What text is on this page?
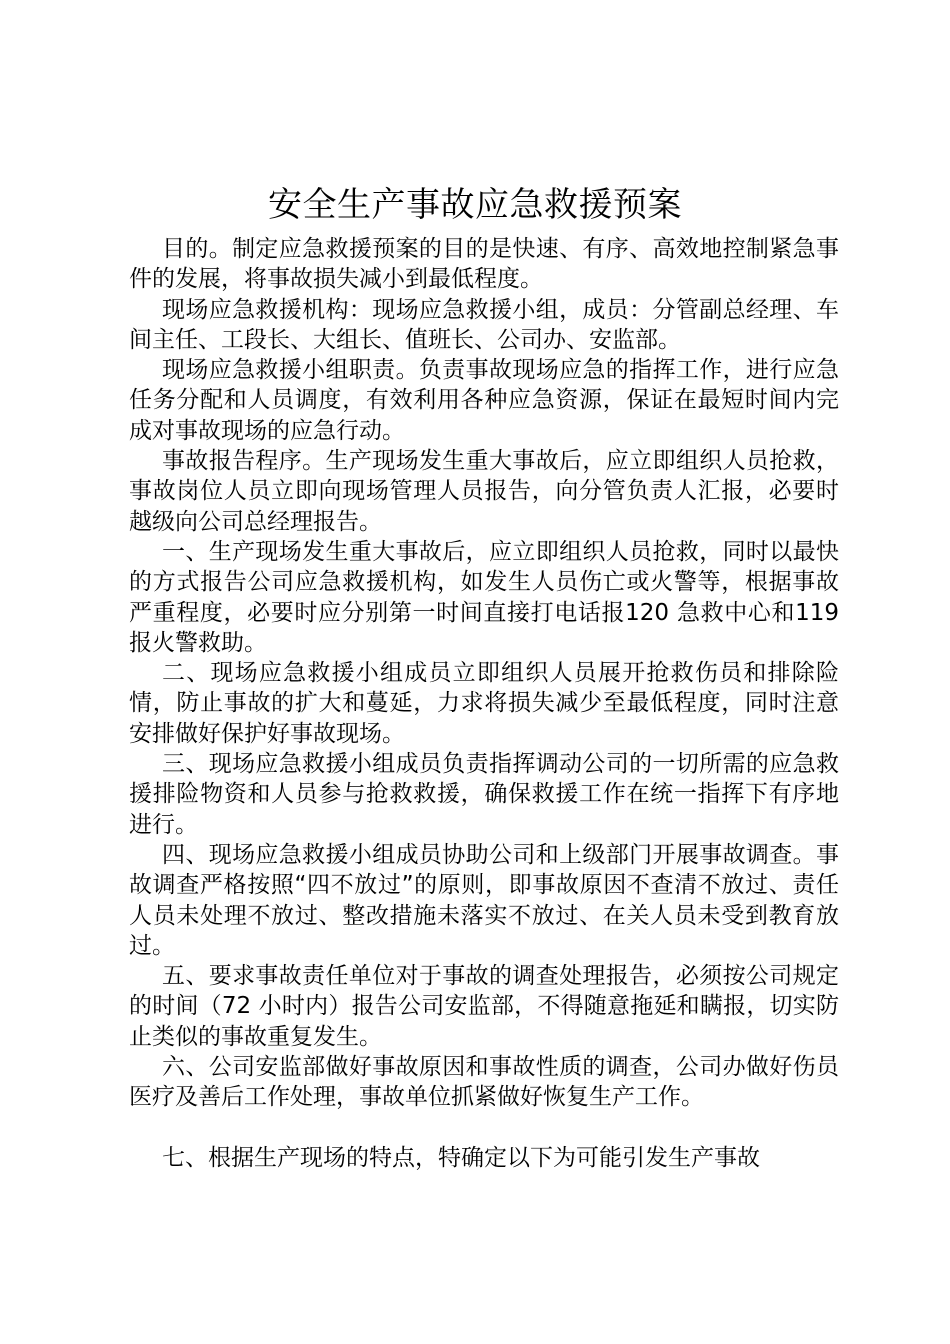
安全生产事故应急救援预案

目的。制定应急救援预案的目的是快速、有序、高效地控制紧急事件的发展，将事故损失减小到最低程度。

现场应急救援机构：现场应急救援小组，成员：分管副总经理、车间主任、工段长、大组长、值班长、公司办、安监部。

现场应急救援小组职责。负责事故现场应急的指挥工作，进行应急任务分配和人员调度，有效利用各种应急资源，保证在最短时间内完成对事故现场的应急行动。

事故报告程序。生产现场发生重大事故后，应立即组织人员抢救，事故岗位人员立即向现场管理人员报告，向分管负责人汇报，必要时越级向公司总经理报告。

一、生产现场发生重大事故后，应立即组织人员抢救，同时以最快的方式报告公司应急救援机构，如发生人员伤亡或火警等，根据事故严重程度，必要时应分别第一时间直接打电话报120 急救中心和119 报火警救助。

二、现场应急救援小组成员立即组织人员展开抢救伤员和排除险情，防止事故的扩大和蔓延，力求将损失减少至最低程度，同时注意安排做好保护好事故现场。

三、现场应急救援小组成员负责指挥调动公司的一切所需的应急救援排险物资和人员参与抢救救援，确保救援工作在统一指挥下有序地进行。

四、现场应急救援小组成员协助公司和上级部门开展事故调查。事故调查严格按照“四不放过”的原则，即事故原因不查清不放过、责任人员未处理不放过、整改措施未落实不放过、在关人员未受到教育放过。

五、要求事故责任单位对于事故的调查处理报告，必须按公司规定的时间（72 小时内）报告公司安监部，不得随意拖延和瞒报，切实防止类似的事故重复发生。

六、公司安监部做好事故原因和事故性质的调查，公司办做好伤员医疗及善后工作处理，事故单位抓紧做好恢复生产工作。

七、根据生产现场的特点，特确定以下为可能引发生产事故
